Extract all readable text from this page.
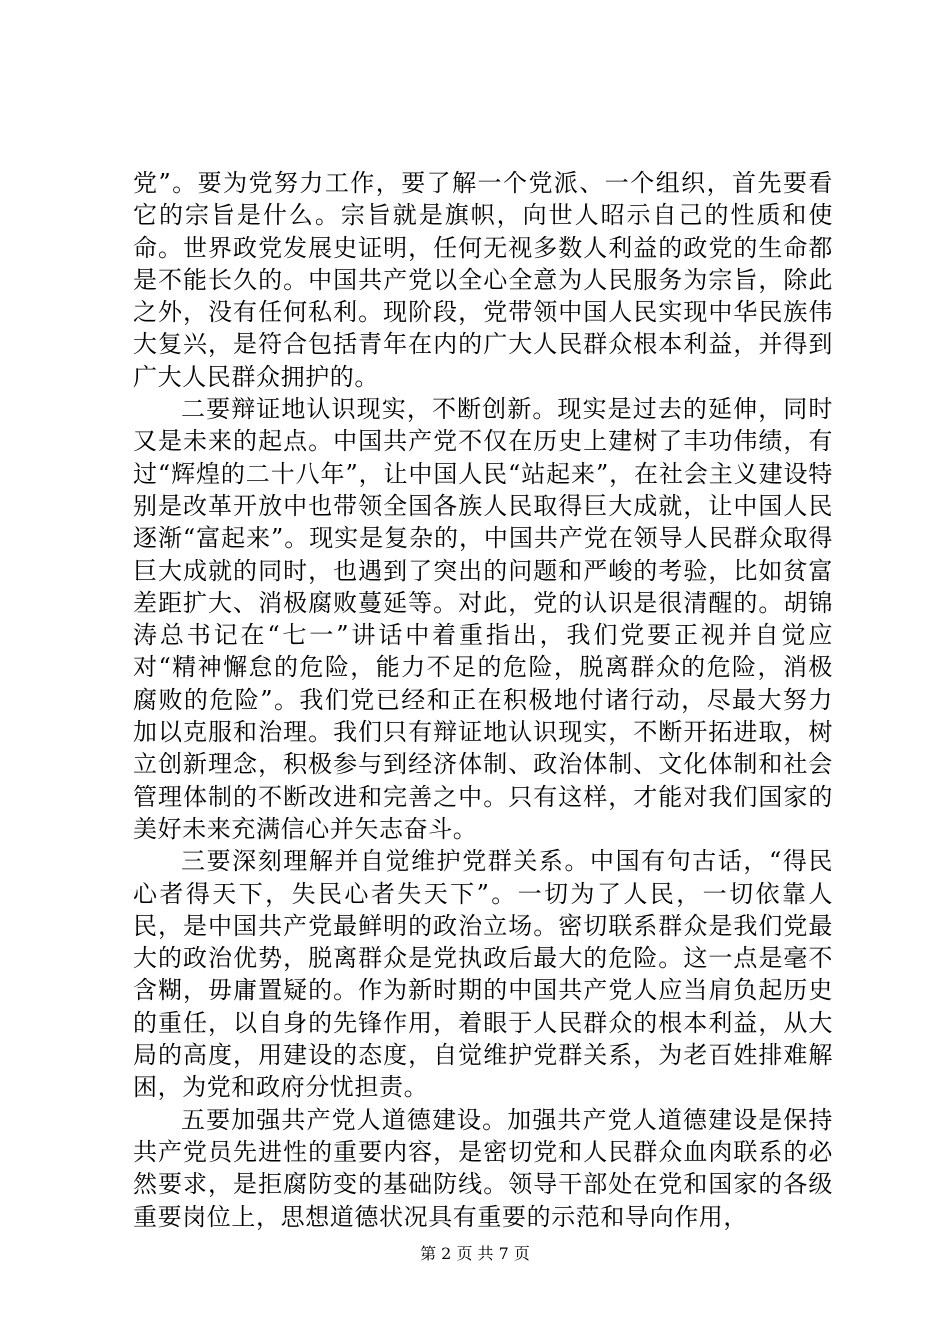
党”。要为党努力工作，要了解一个党派、一个组织，首先要看它的宗旨是什么。宗旨就是旗帜，向世人昭示自己的性质和使命。世界政党发展史证明，任何无视多数人利益的政党的生命都是不能长久的。中国共产党以全心全意为人民服务为宗旨，除此之外，没有任何私利。现阶段，党带领中国人民实现中华民族伟大复兴，是符合包括青年在内的广大人民群众根本利益，并得到广大人民群众拥护的。

二要辩证地认识现实，不断创新。现实是过去的延伸，同时又是未来的起点。中国共产党不仅在历史上建树了丰功伟绩，有过“辉煌的二十八年”，让中国人民“站起来”，在社会主义建设特别是改革开放中也带领全国各族人民取得巨大成就，让中国人民逐渐“富起来”。现实是复杂的，中国共产党在领导人民群众取得巨大成就的同时，也遇到了突出的问题和严峻的考验，比如贫富差距扩大、消极腐败蔓延等。对此，党的认识是很清醒的。胡锦涛总书记在“七一”讲话中着重指出，我们党要正视并自觉应对“精神懈怠的危险，能力不足的危险，脱离群众的危险，消极腐败的危险”。我们党已经和正在积极地付诸行动，尽最大努力加以克服和治理。我们只有辩证地认识现实，不断开拓进取，树立创新理念，积极参与到经济体制、政治体制、文化体制和社会管理体制的不断改进和完善之中。只有这样，才能对我们国家的美好未来充满信心并矢志奋斗。

三要深刻理解并自觉维护党群关系。中国有句古话，“得民心者得天下，失民心者失天下”。一切为了人民，一切依靠人民，是中国共产党最鲜明的政治立场。密切联系群众是我们党最大的政治优势，脱离群众是党执政后最大的危险。这一点是毫不含糊，毋庸置疑的。作为新时期的中国共产党人应当肩负起历史的重任，以自身的先锋作用，着眼于人民群众的根本利益，从大局的高度，用建设的态度，自觉维护党群关系，为老百姓排难解困，为党和政府分忧担责。

五要加强共产党人道德建设。加强共产党人道德建设是保持共产党员先进性的重要内容，是密切党和人民群众血肉联系的必然要求，是拒腐防变的基础防线。领导干部处在党和国家的各级重要岗位上，思想道德状况具有重要的示范和导向作用，

第 2 页 共 7 页
